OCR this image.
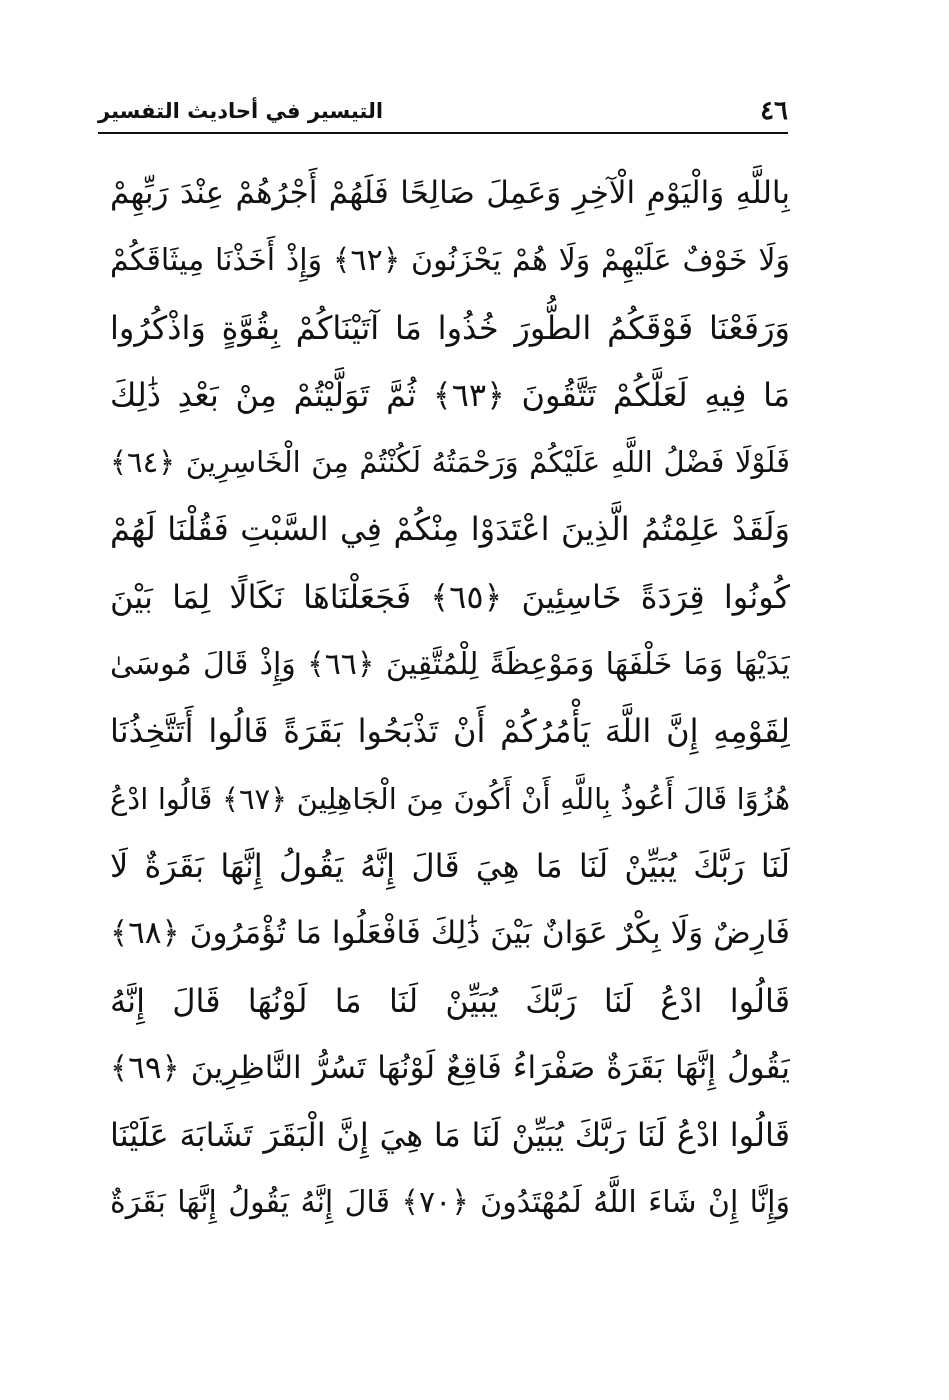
٤٦
التيسير في أحاديث التفسير
بِاللَّهِ وَالْيَوْمِ الْآخِرِ وَعَمِلَ صَالِحًا فَلَهُمْ أَجْرُهُمْ عِنْدَ رَبِّهِمْ
وَلَا خَوْفٌ عَلَيْهِمْ وَلَا هُمْ يَحْزَنُونَ ﴿٦٢﴾ وَإِذْ أَخَذْنَا مِيثَاقَكُمْ
وَرَفَعْنَا فَوْقَكُمُ الطُّورَ خُذُوا مَا آتَيْنَاكُمْ بِقُوَّةٍ وَاذْكُرُوا
مَا فِيهِ لَعَلَّكُمْ تَتَّقُونَ ﴿٦٣﴾ ثُمَّ تَوَلَّيْتُمْ مِنْ بَعْدِ ذَٰلِكَ
فَلَوْلَا فَضْلُ اللَّهِ عَلَيْكُمْ وَرَحْمَتُهُ لَكُنْتُمْ مِنَ الْخَاسِرِينَ ﴿٦٤﴾
وَلَقَدْ عَلِمْتُمُ الَّذِينَ اعْتَدَوْا مِنْكُمْ فِي السَّبْتِ فَقُلْنَا لَهُمْ
كُونُوا قِرَدَةً خَاسِئِينَ ﴿٦٥﴾ فَجَعَلْنَاهَا نَكَالًا لِمَا بَيْنَ
يَدَيْهَا وَمَا خَلْفَهَا وَمَوْعِظَةً لِلْمُتَّقِينَ ﴿٦٦﴾ وَإِذْ قَالَ مُوسَىٰ
لِقَوْمِهِ إِنَّ اللَّهَ يَأْمُرُكُمْ أَنْ تَذْبَحُوا بَقَرَةً قَالُوا أَتَتَّخِذُنَا
هُزُوًا قَالَ أَعُوذُ بِاللَّهِ أَنْ أَكُونَ مِنَ الْجَاهِلِينَ ﴿٦٧﴾ قَالُوا ادْعُ
لَنَا رَبَّكَ يُبَيِّنْ لَنَا مَا هِيَ قَالَ إِنَّهُ يَقُولُ إِنَّهَا بَقَرَةٌ لَا
فَارِضٌ وَلَا بِكْرٌ عَوَانٌ بَيْنَ ذَٰلِكَ فَافْعَلُوا مَا تُؤْمَرُونَ ﴿٦٨﴾
قَالُوا ادْعُ لَنَا رَبَّكَ يُبَيِّنْ لَنَا مَا لَوْنُهَا قَالَ إِنَّهُ
يَقُولُ إِنَّهَا بَقَرَةٌ صَفْرَاءُ فَاقِعٌ لَوْنُهَا تَسُرُّ النَّاظِرِينَ ﴿٦٩﴾
قَالُوا ادْعُ لَنَا رَبَّكَ يُبَيِّنْ لَنَا مَا هِيَ إِنَّ الْبَقَرَ تَشَابَهَ عَلَيْنَا
وَإِنَّا إِنْ شَاءَ اللَّهُ لَمُهْتَدُونَ ﴿٧٠﴾ قَالَ إِنَّهُ يَقُولُ إِنَّهَا بَقَرَةٌ
